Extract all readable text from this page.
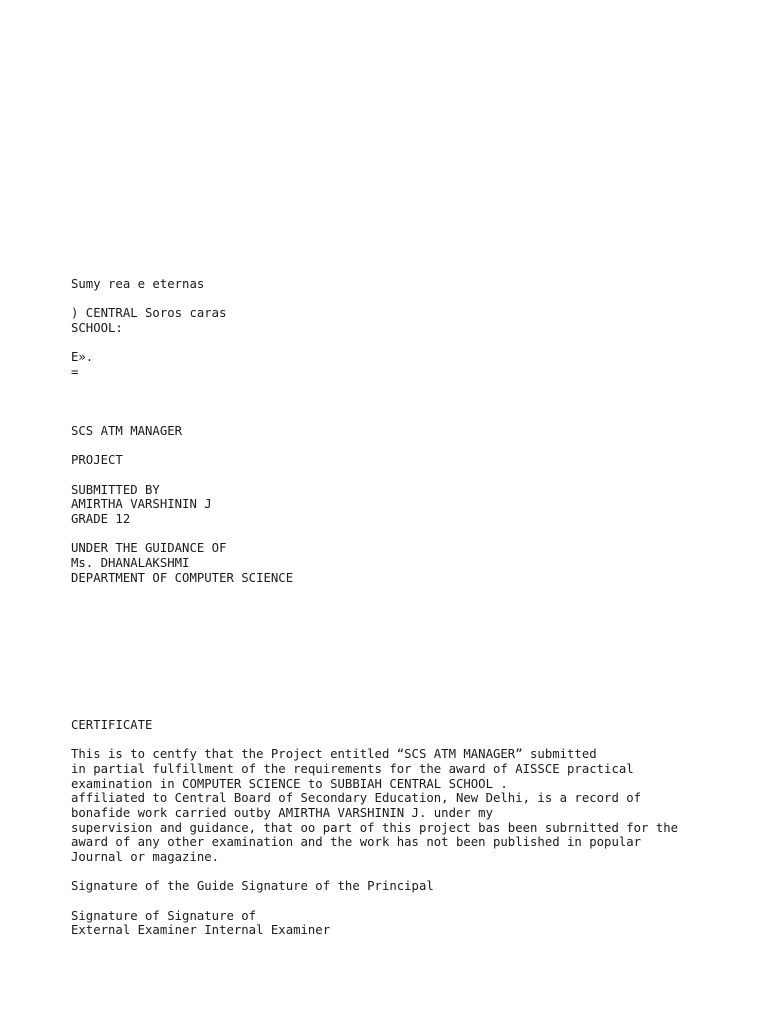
Sumy rea e eternas
) CENTRAL Soros caras
SCHOOL:
E».
=
SCS ATM MANAGER
PROJECT
SUBMITTED BY
AMIRTHA VARSHININ J
GRADE 12
UNDER THE GUIDANCE OF
Ms. DHANALAKSHMI
DEPARTMENT OF COMPUTER SCIENCE
CERTIFICATE
This is to centfy that the Project entitled “SCS ATM MANAGER” submitted
in partial fulfillment of the requirements for the award of AISSCE practical
examination in COMPUTER SCIENCE to SUBBIAH CENTRAL SCHOOL .
affiliated to Central Board of Secondary Education, New Delhi, is a record of
bonafide work carried outby AMIRTHA VARSHININ J. under my
supervision and guidance, that oo part of this project bas been subrnitted for the
award of any other examination and the work has not been published in popular
Journal or magazine.
Signature of the Guide Signature of the Principal
Signature of Signature of
External Examiner Internal Examiner
